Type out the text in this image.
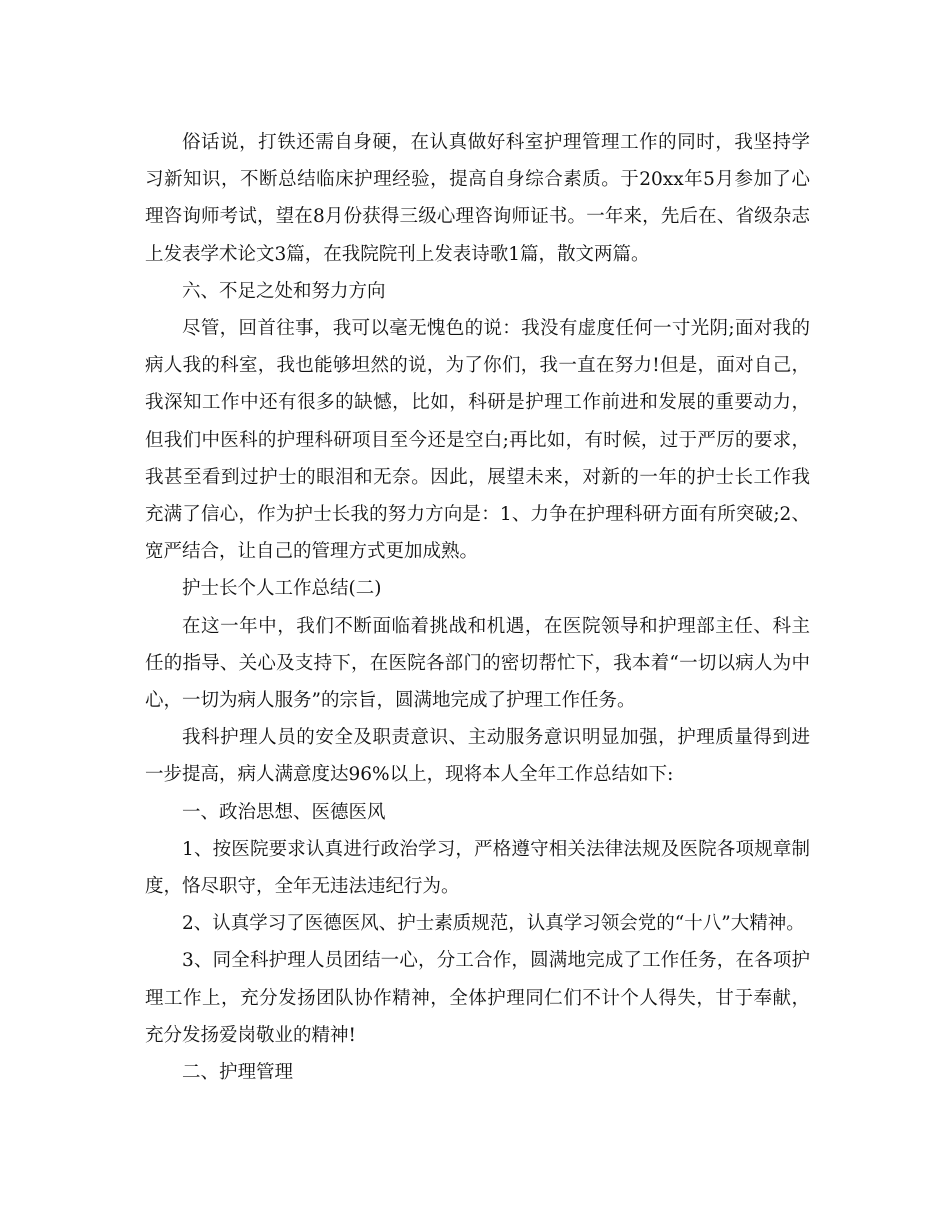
俗话说，打铁还需自身硬，在认真做好科室护理管理工作的同时，我坚持学习新知识，不断总结临床护理经验，提高自身综合素质。于20xx年5月参加了心理咨询师考试，望在8月份获得三级心理咨询师证书。一年来，先后在、省级杂志上发表学术论文3篇，在我院院刊上发表诗歌1篇，散文两篇。

六、不足之处和努力方向

尽管，回首往事，我可以毫无愧色的说：我没有虚度任何一寸光阴;面对我的病人我的科室，我也能够坦然的说，为了你们，我一直在努力!但是，面对自己，我深知工作中还有很多的缺憾，比如，科研是护理工作前进和发展的重要动力，但我们中医科的护理科研项目至今还是空白;再比如，有时候，过于严厉的要求，我甚至看到过护士的眼泪和无奈。因此，展望未来，对新的一年的护士长工作我充满了信心，作为护士长我的努力方向是：1、力争在护理科研方面有所突破;2、宽严结合，让自己的管理方式更加成熟。

护士长个人工作总结(二)

在这一年中，我们不断面临着挑战和机遇，在医院领导和护理部主任、科主任的指导、关心及支持下，在医院各部门的密切帮忙下，我本着“一切以病人为中心，一切为病人服务”的宗旨，圆满地完成了护理工作任务。

我科护理人员的安全及职责意识、主动服务意识明显加强，护理质量得到进一步提高，病人满意度达96%以上，现将本人全年工作总结如下:

一、政治思想、医德医风

1、按医院要求认真进行政治学习，严格遵守相关法律法规及医院各项规章制度，恪尽职守，全年无违法违纪行为。

2、认真学习了医德医风、护士素质规范，认真学习领会党的“十八”大精神。

3、同全科护理人员团结一心，分工合作，圆满地完成了工作任务，在各项护理工作上，充分发扬团队协作精神，全体护理同仁们不计个人得失，甘于奉献，充分发扬爱岗敬业的精神!

二、护理管理
